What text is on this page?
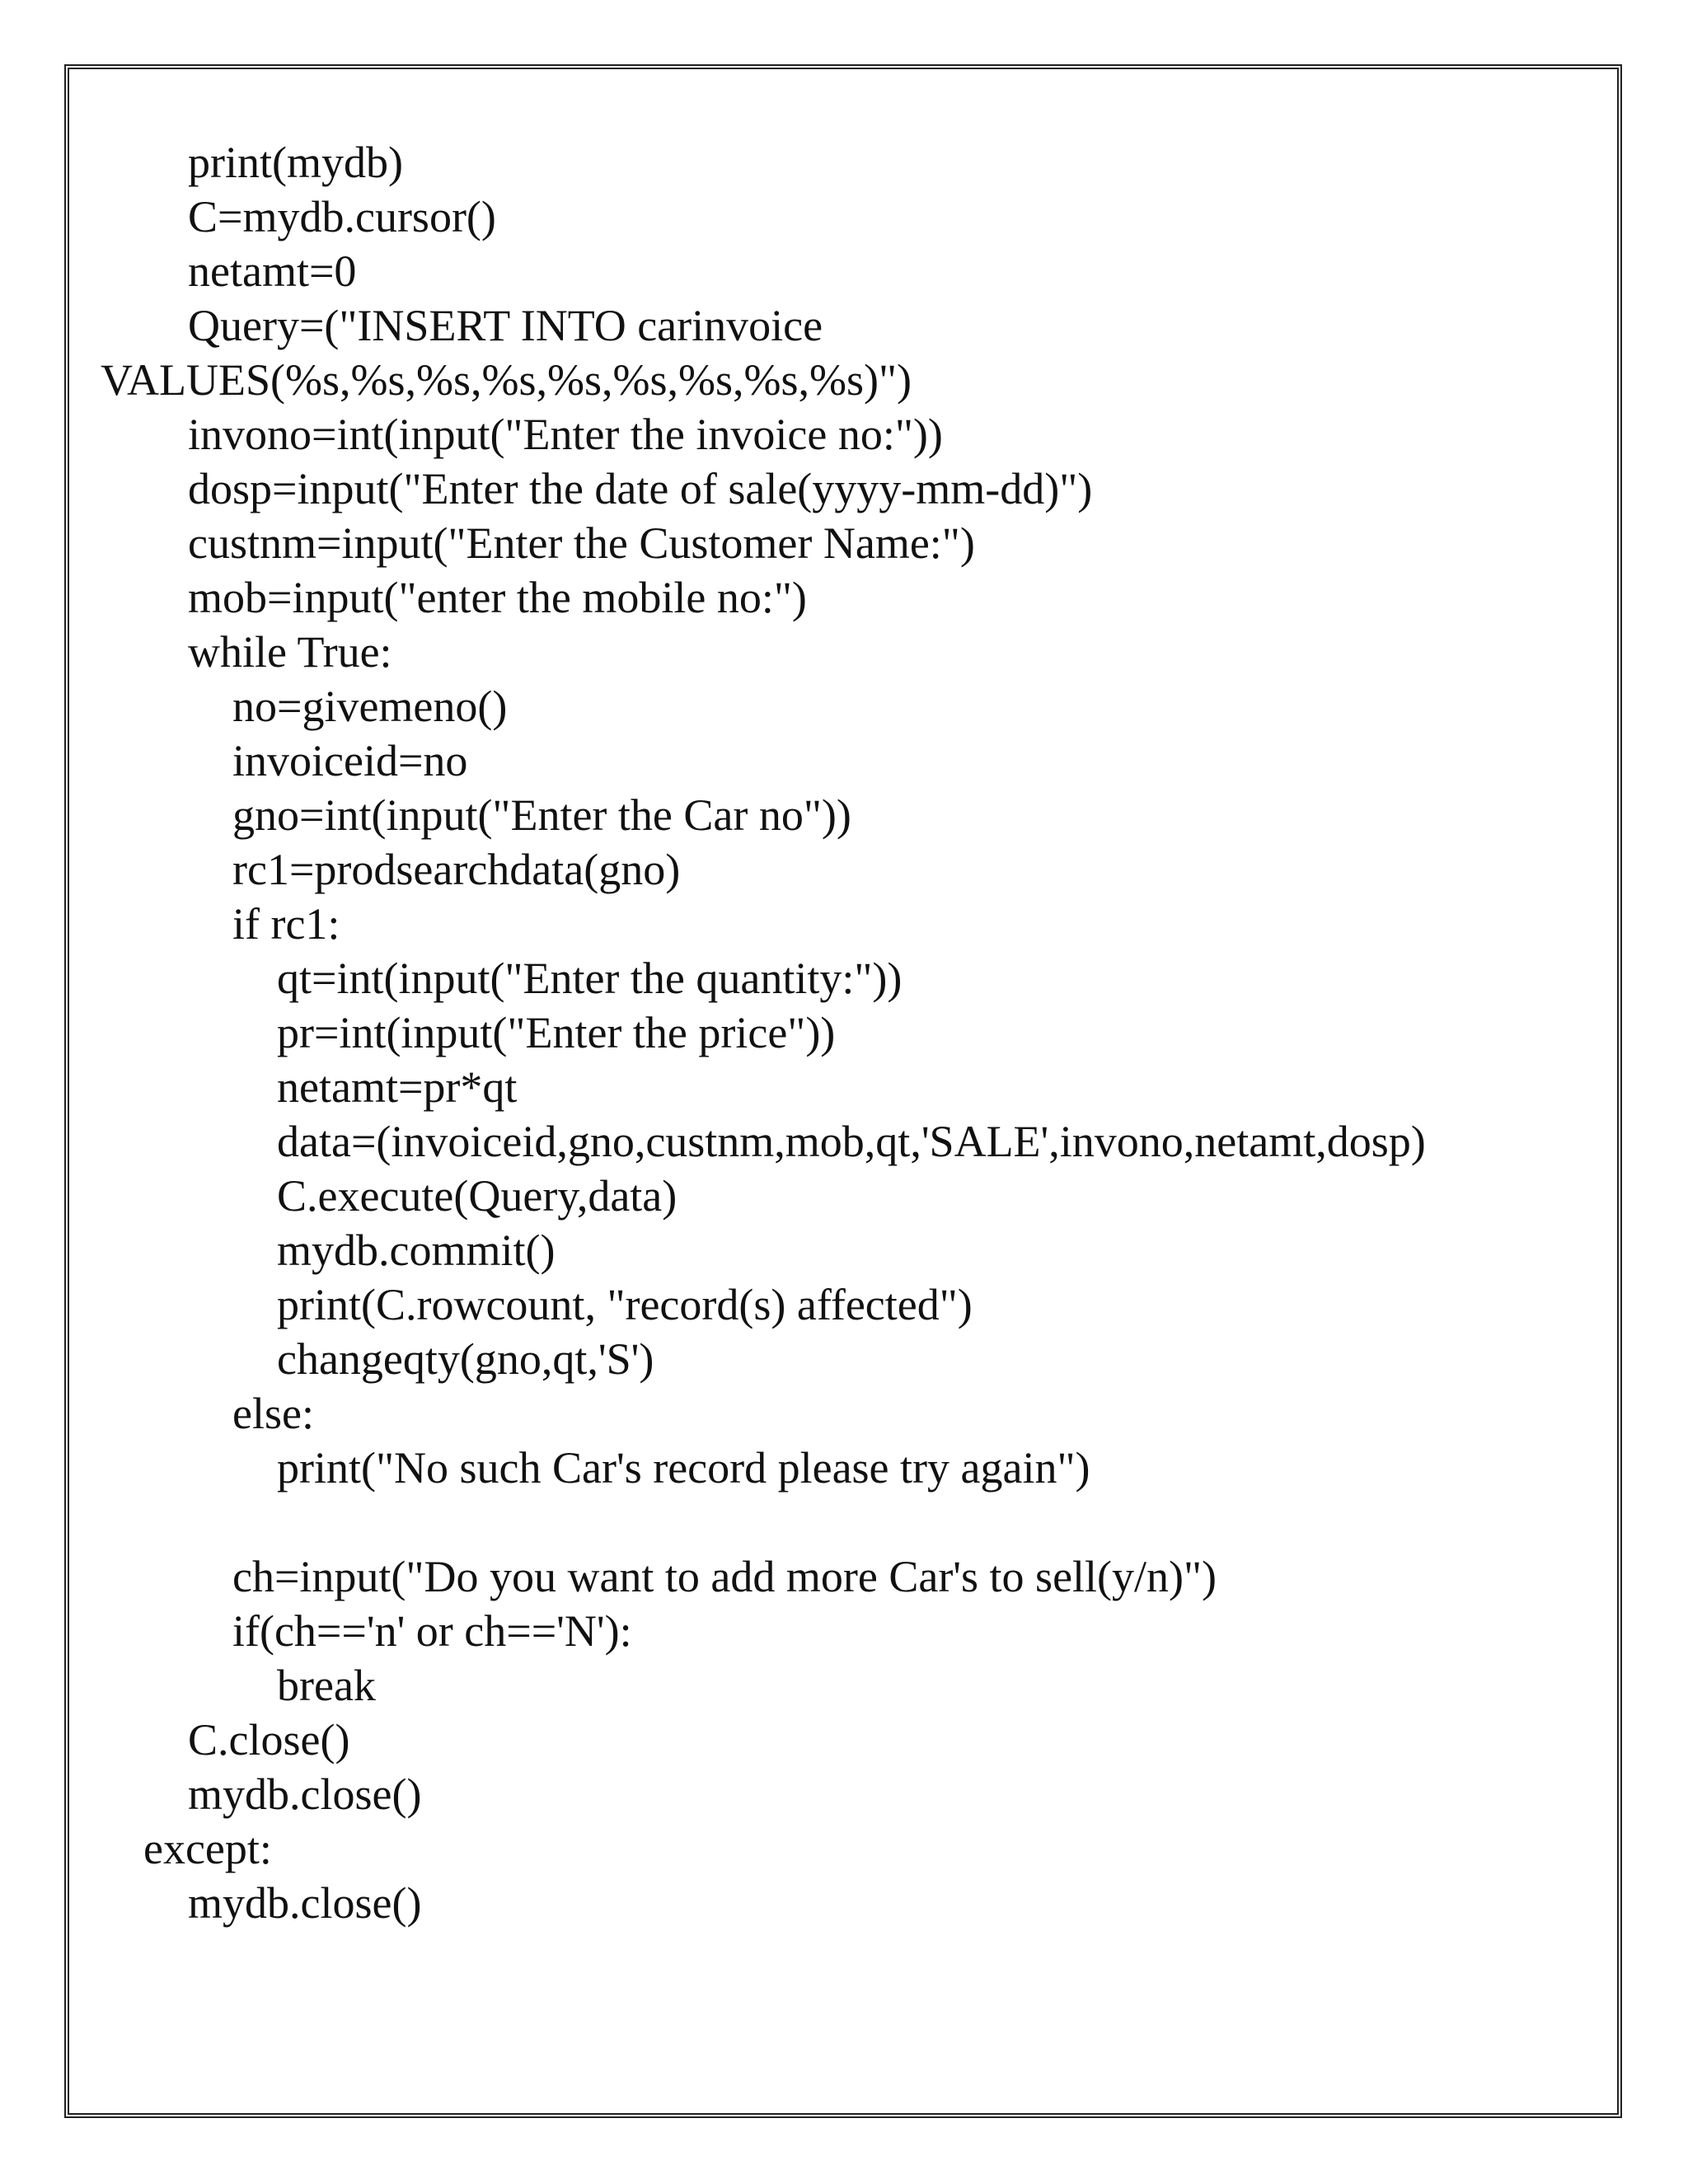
print(mydb)
C=mydb.cursor()
netamt=0
Query=("INSERT INTO carinvoice
VALUES(%s,%s,%s,%s,%s,%s,%s,%s,%s)")
invono=int(input("Enter the invoice no:"))
dosp=input("Enter the date of sale(yyyy-mm-dd)")
custnm=input("Enter the Customer Name:")
mob=input("enter the mobile no:")
while True:
no=givemeno()
invoiceid=no
gno=int(input("Enter the Car no"))
rc1=prodsearchdata(gno)
if rc1:
qt=int(input("Enter the quantity:"))
pr=int(input("Enter the price"))
netamt=pr*qt
data=(invoiceid,gno,custnm,mob,qt,'SALE',invono,netamt,dosp)
C.execute(Query,data)
mydb.commit()
print(C.rowcount, "record(s) affected")
changeqty(gno,qt,'S')
else:
print("No such Car's record please try again")
ch=input("Do you want to add more Car's to sell(y/n)")
if(ch=='n' or ch=='N'):
break
C.close()
mydb.close()
except:
mydb.close()
